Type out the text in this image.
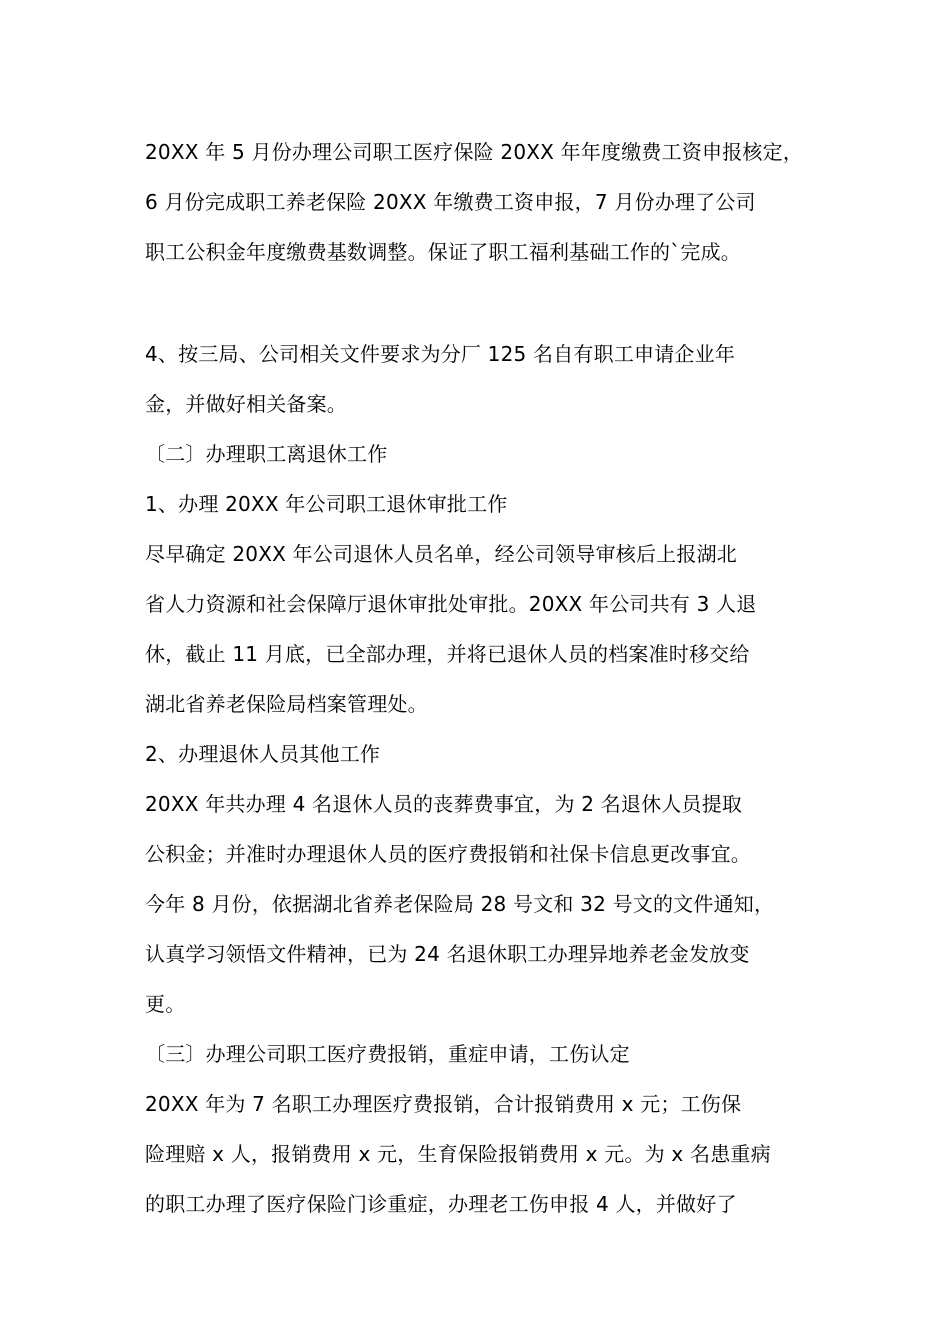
20XX 年 5 月份办理公司职工医疗保险 20XX 年年度缴费工资申报核定，
6 月份完成职工养老保险 20XX 年缴费工资申报，7 月份办理了公司
职工公积金年度缴费基数调整。保证了职工福利基础工作的`完成。
4、按三局、公司相关文件要求为分厂 125 名自有职工申请企业年
金，并做好相关备案。
〔二〕办理职工离退休工作
1、办理 20XX 年公司职工退休审批工作
尽早确定 20XX 年公司退休人员名单，经公司领导审核后上报湖北
省人力资源和社会保障厅退休审批处审批。20XX 年公司共有 3 人退
休，截止 11 月底，已全部办理，并将已退休人员的档案准时移交给
湖北省养老保险局档案管理处。
2、办理退休人员其他工作
20XX 年共办理 4 名退休人员的丧葬费事宜，为 2 名退休人员提取
公积金；并准时办理退休人员的医疗费报销和社保卡信息更改事宜。
今年 8 月份，依据湖北省养老保险局 28 号文和 32 号文的文件通知，
认真学习领悟文件精神，已为 24 名退休职工办理异地养老金发放变
更。
〔三〕办理公司职工医疗费报销，重症申请，工伤认定
20XX 年为 7 名职工办理医疗费报销，合计报销费用 x 元；工伤保
险理赔 x 人，报销费用 x 元，生育保险报销费用 x 元。为 x 名患重病
的职工办理了医疗保险门诊重症，办理老工伤申报 4 人，并做好了
